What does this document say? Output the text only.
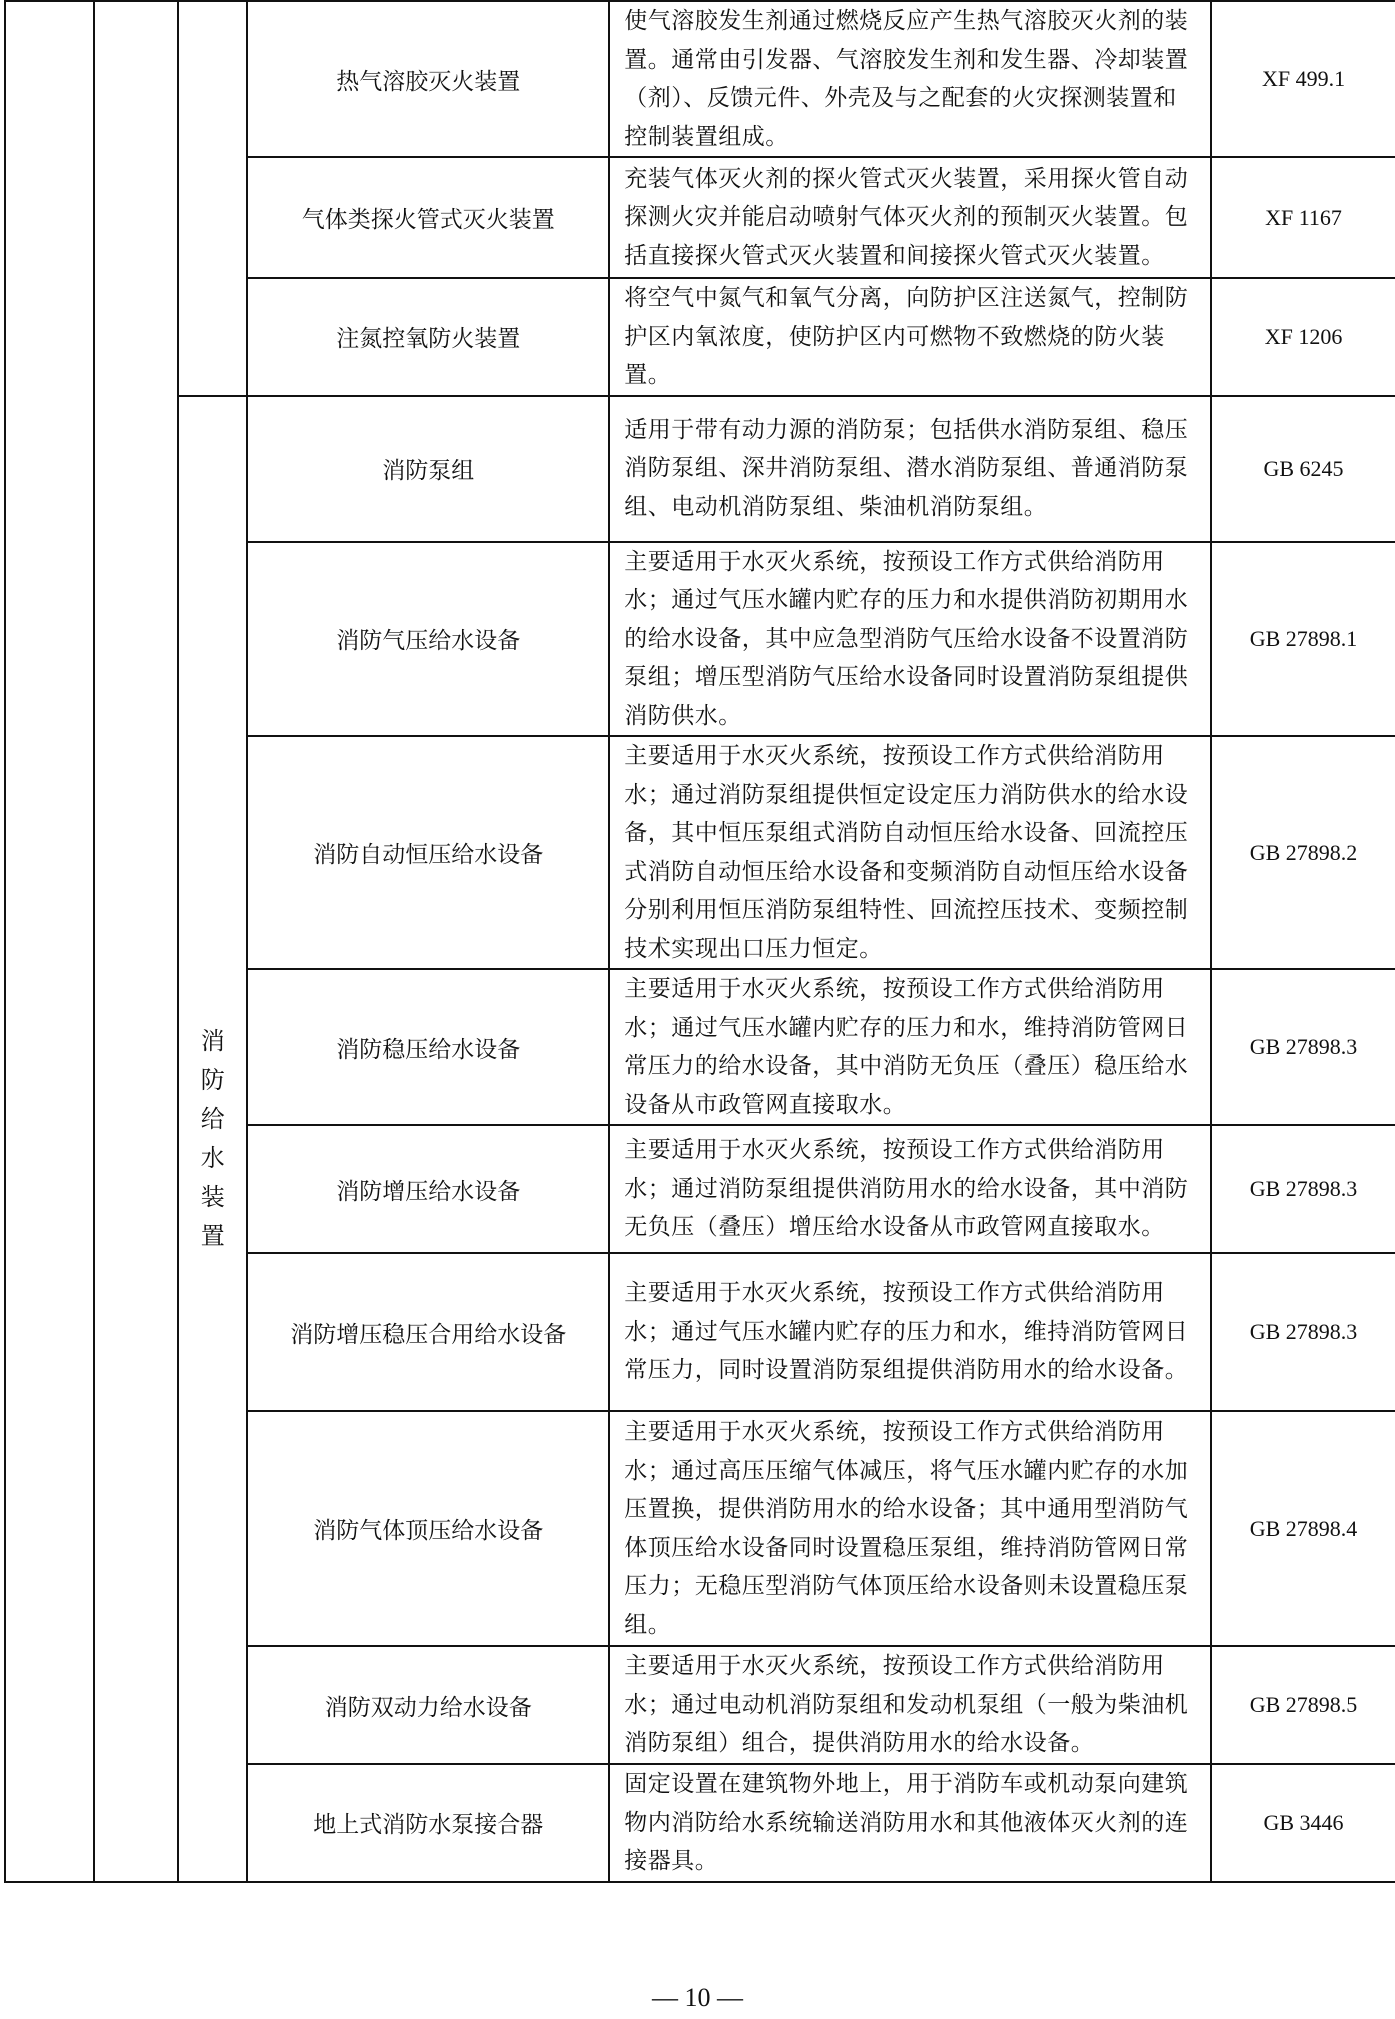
			热气溶胶灭火装置	使气溶胶发生剂通过燃烧反应产生热气溶胶灭火剂的装置。通常由引发器、气溶胶发生剂和发生器、冷却装置（剂）、反馈元件、外壳及与之配套的火灾探测装置和控制装置组成。	XF 499.1
			气体类探火管式灭火装置	充装气体灭火剂的探火管式灭火装置，采用探火管自动探测火灾并能启动喷射气体灭火剂的预制灭火装置。包括直接探火管式灭火装置和间接探火管式灭火装置。	XF 1167
			注氮控氧防火装置	将空气中氮气和氧气分离，向防护区注送氮气，控制防护区内氧浓度，使防护区内可燃物不致燃烧的防火装置。	XF 1206
		消防给水装置	消防泵组	适用于带有动力源的消防泵；包括供水消防泵组、稳压消防泵组、深井消防泵组、潜水消防泵组、普通消防泵组、电动机消防泵组、柴油机消防泵组。	GB 6245
			消防气压给水设备	主要适用于水灭火系统，按预设工作方式供给消防用水；通过气压水罐内贮存的压力和水提供消防初期用水的给水设备，其中应急型消防气压给水设备不设置消防泵组；增压型消防气压给水设备同时设置消防泵组提供消防供水。	GB 27898.1
			消防自动恒压给水设备	主要适用于水灭火系统，按预设工作方式供给消防用水；通过消防泵组提供恒定设定压力消防供水的给水设备，其中恒压泵组式消防自动恒压给水设备、回流控压式消防自动恒压给水设备和变频消防自动恒压给水设备分别利用恒压消防泵组特性、回流控压技术、变频控制技术实现出口压力恒定。	GB 27898.2
			消防稳压给水设备	主要适用于水灭火系统，按预设工作方式供给消防用水；通过气压水罐内贮存的压力和水，维持消防管网日常压力的给水设备，其中消防无负压（叠压）稳压给水设备从市政管网直接取水。	GB 27898.3
			消防增压给水设备	主要适用于水灭火系统，按预设工作方式供给消防用水；通过消防泵组提供消防用水的给水设备，其中消防无负压（叠压）增压给水设备从市政管网直接取水。	GB 27898.3
			消防增压稳压合用给水设备	主要适用于水灭火系统，按预设工作方式供给消防用水；通过气压水罐内贮存的压力和水，维持消防管网日常压力，同时设置消防泵组提供消防用水的给水设备。	GB 27898.3
			消防气体顶压给水设备	主要适用于水灭火系统，按预设工作方式供给消防用水；通过高压压缩气体减压，将气压水罐内贮存的水加压置换，提供消防用水的给水设备；其中通用型消防气体顶压给水设备同时设置稳压泵组，维持消防管网日常压力；无稳压型消防气体顶压给水设备则未设置稳压泵组。	GB 27898.4
			消防双动力给水设备	主要适用于水灭火系统，按预设工作方式供给消防用水；通过电动机消防泵组和发动机泵组（一般为柴油机消防泵组）组合，提供消防用水的给水设备。	GB 27898.5
			地上式消防水泵接合器	固定设置在建筑物外地上，用于消防车或机动泵向建筑物内消防给水系统输送消防用水和其他液体灭火剂的连接器具。	GB 3446
— 10 —
